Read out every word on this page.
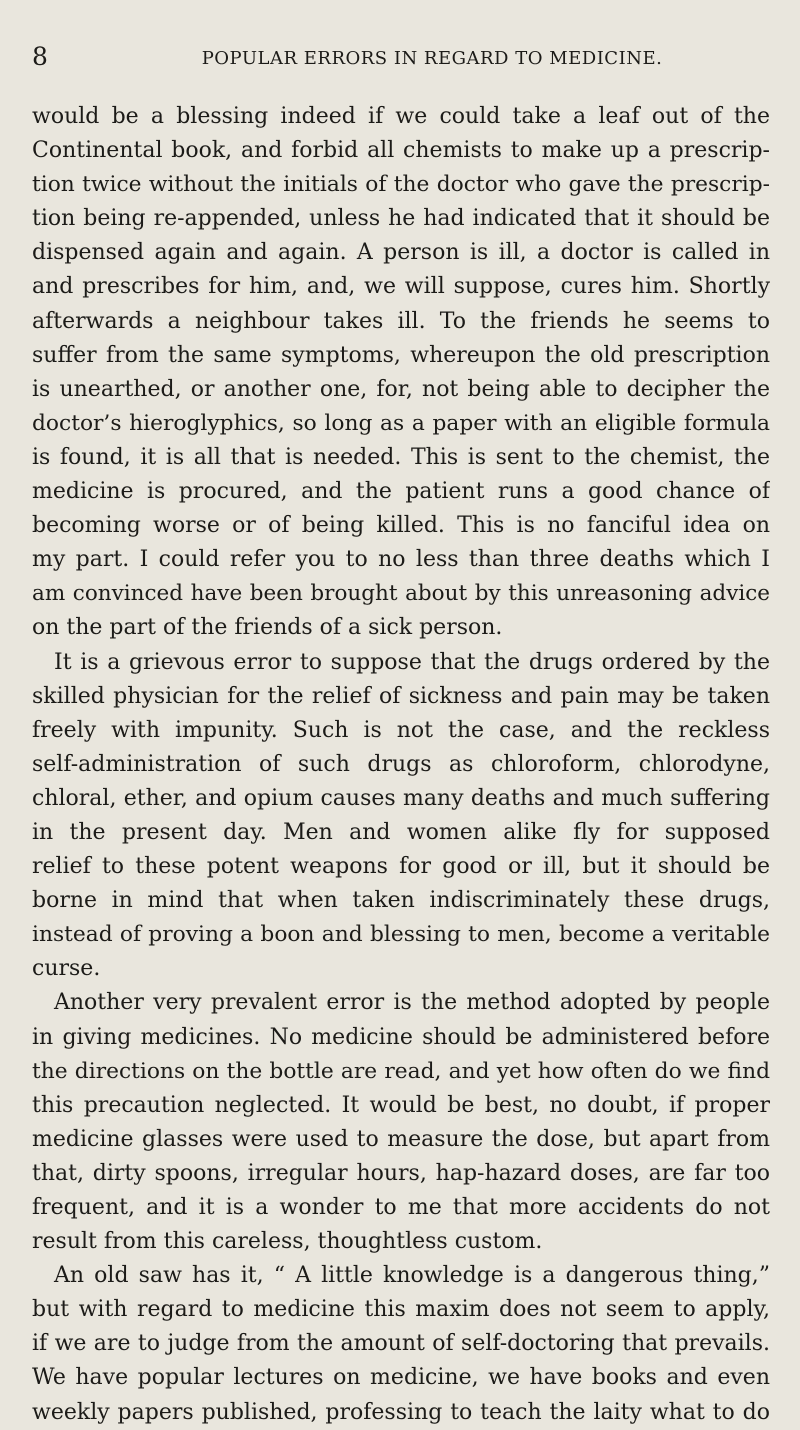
8	POPULAR ERRORS IN REGARD TO MEDICINE.
would be a blessing indeed if we could take a leaf out of the
Continental book, and forbid all chemists to make up a prescrip-
tion twice without the initials of the doctor who gave the prescrip-
tion being re-appended, unless he had indicated that it should be
dispensed again and again. A person is ill, a doctor is called in
and prescribes for him, and, we will suppose, cures him. Shortly
afterwards a neighbour takes ill. To the friends he seems to
suffer from the same symptoms, whereupon the old prescription
is unearthed, or another one, for, not being able to decipher the
doctor’s hieroglyphics, so long as a paper with an eligible formula
is found, it is all that is needed. This is sent to the chemist, the
medicine is procured, and the patient runs a good chance of
becoming worse or of being killed. This is no fanciful idea on
my part. I could refer you to no less than three deaths which I
am convinced have been brought about by this unreasoning advice
on the part of the friends of a sick person.
It is a grievous error to suppose that the drugs ordered by the
skilled physician for the relief of sickness and pain may be taken
freely with impunity. Such is not the case, and the reckless
self-administration of such drugs as chloroform, chlorodyne,
chloral, ether, and opium causes many deaths and much suffering
in the present day. Men and women alike fly for supposed
relief to these potent weapons for good or ill, but it should be
borne in mind that when taken indiscriminately these drugs,
instead of proving a boon and blessing to men, become a veritable
curse.
Another very prevalent error is the method adopted by people
in giving medicines. No medicine should be administered before
the directions on the bottle are read, and yet how often do we find
this precaution neglected. It would be best, no doubt, if proper
medicine glasses were used to measure the dose, but apart from
that, dirty spoons, irregular hours, hap-hazard doses, are far too
frequent, and it is a wonder to me that more accidents do not
result from this careless, thoughtless custom.
An old saw has it, “ A little knowledge is a dangerous thing,”
but with regard to medicine this maxim does not seem to apply,
if we are to judge from the amount of self-doctoring that prevails.
We have popular lectures on medicine, we have books and even
weekly papers published, professing to teach the laity what to do
